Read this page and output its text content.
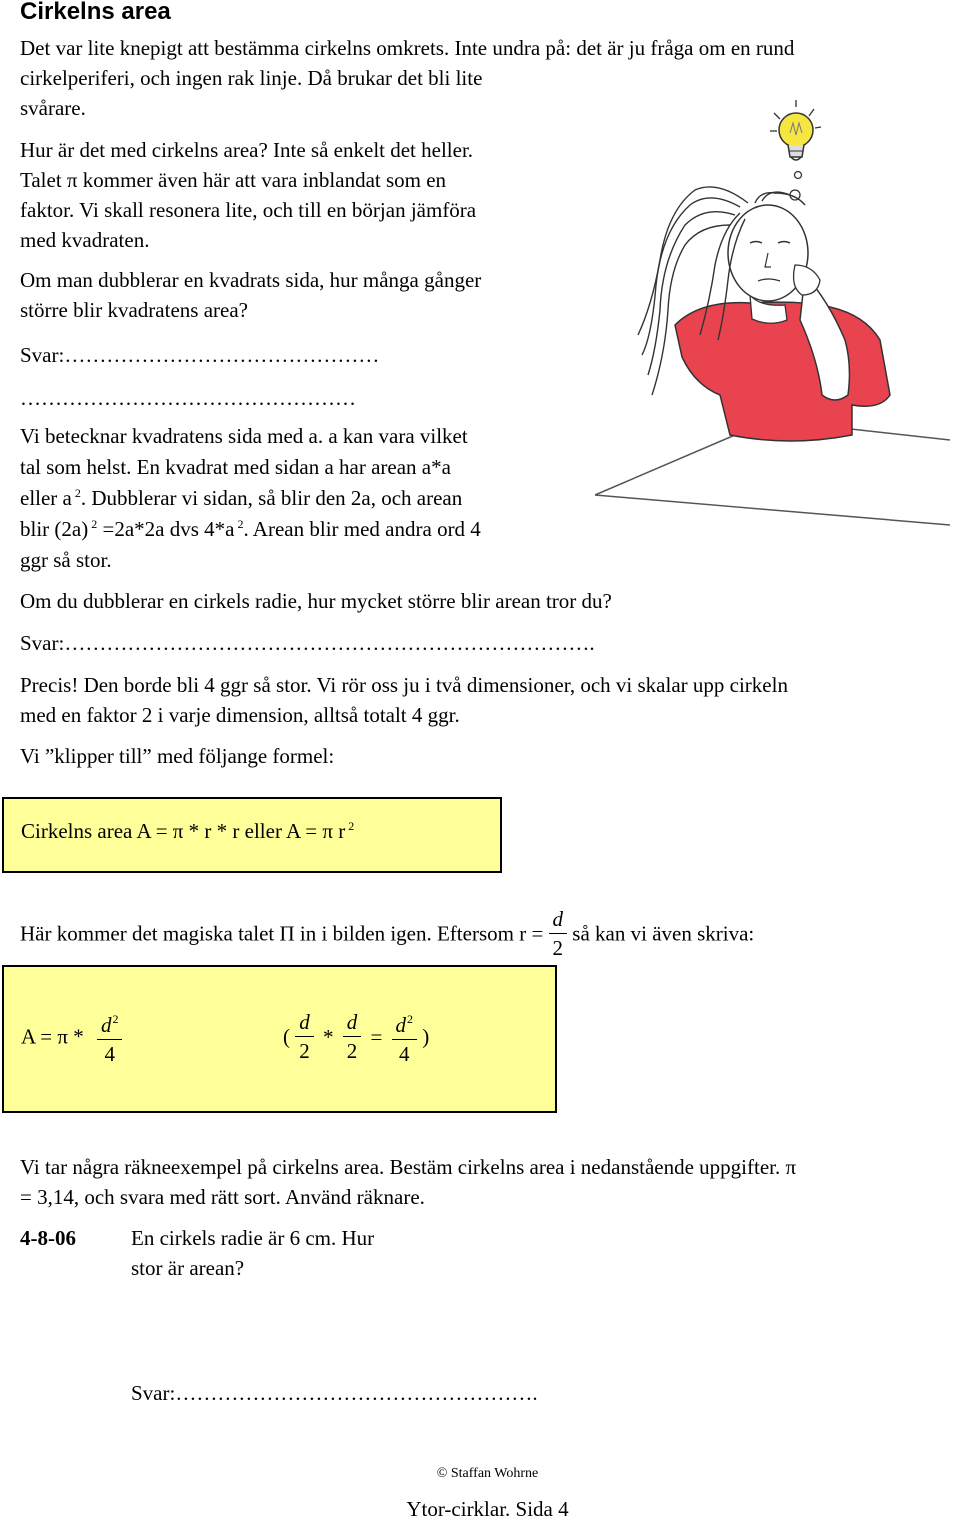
Cirkelns area
Det var lite knepigt att bestämma cirkelns omkrets. Inte undra på: det är ju fråga om en rund
cirkelperiferi, och ingen rak linje. Då brukar det bli lite
svårare.
Hur är det med cirkelns area? Inte så enkelt det heller.
Talet π kommer även här att vara inblandat som en
faktor. Vi skall resonera lite, och till en början jämföra
med kvadraten.
Om man dubblerar en kvadrats sida, hur många gånger
större blir kvadratens area?
Svar:………………………………………
…………………………………………
Vi betecknar kvadratens sida med a. a kan vara vilket
tal som helst. En kvadrat med sidan a har arean a*a
eller a $^2$. Dubblerar vi sidan, så blir den 2a, och arean
blir (2a) $^2$ =2a*2a dvs 4*a $^2$. Arean blir med andra ord 4
ggr så stor.
Om du dubblerar en cirkels radie, hur mycket större blir arean tror du?
Svar:………………………………………………………………….
Precis! Den borde bli 4 ggr så stor. Vi rör oss ju i två dimensioner, och vi skalar upp cirkeln
med en faktor 2 i varje dimension, alltså totalt 4 ggr.
Vi ”klipper till” med följange formel:
Cirkelns area A = π * r * r eller A = π r $^2$
Här kommer det magiska talet Π in i bilden igen. Eftersom $r = \frac{d}{2}$ så kan vi även skriva:
$A = \pi * \frac{d^2}{4}$	( $\frac{d}{2} * \frac{d}{2} = \frac{d^2}{4}$ )
Vi tar några räkneexempel på cirkelns area. Bestäm cirkelns area i nedanstående uppgifter. π
= 3,14, och svara med rätt sort. Använd räknare.
4-8-06	En cirkels radie är 6 cm. Hur
stor är arean?
Svar:…………………………………………….
© Staffan Wohrne
Ytor-cirklar. Sida 4
